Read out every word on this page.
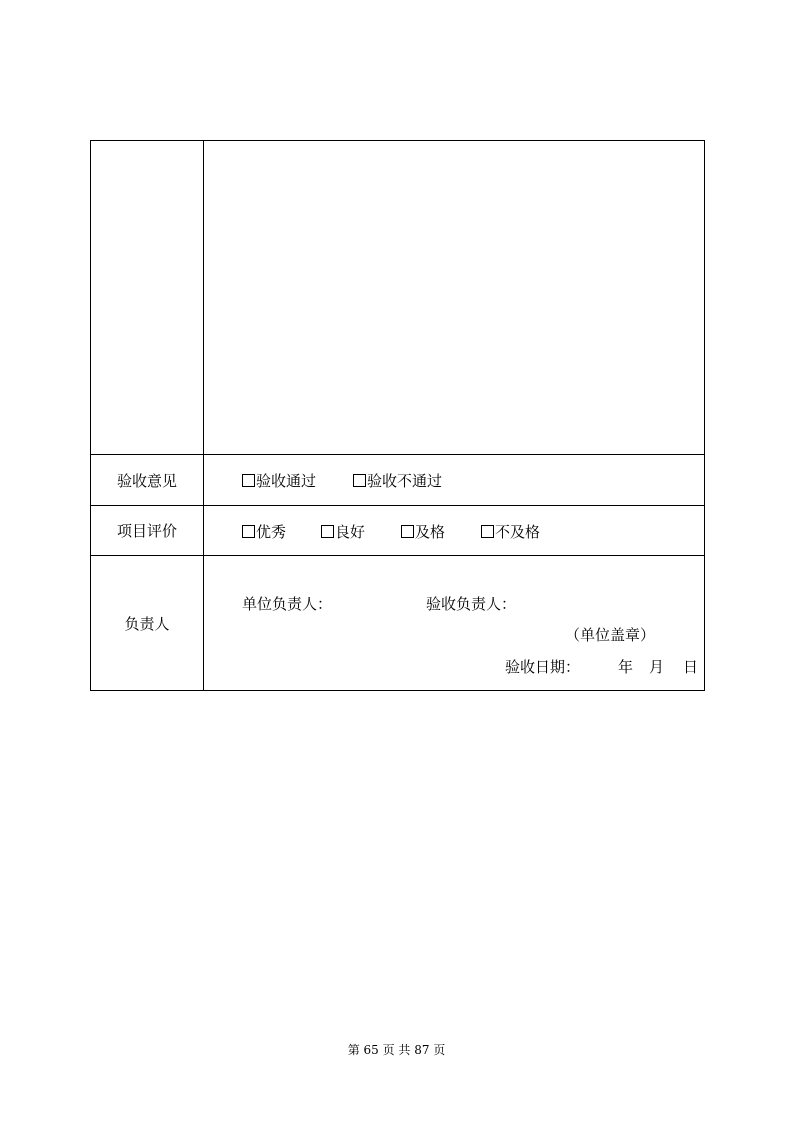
验收意见	验收通过	验收不通过
项目评价	优秀	良好	及格	不及格
负责人
单位负责人：	验收负责人：
（单位盖章）
验收日期：	年 月 日
第 65 页 共 87 页
